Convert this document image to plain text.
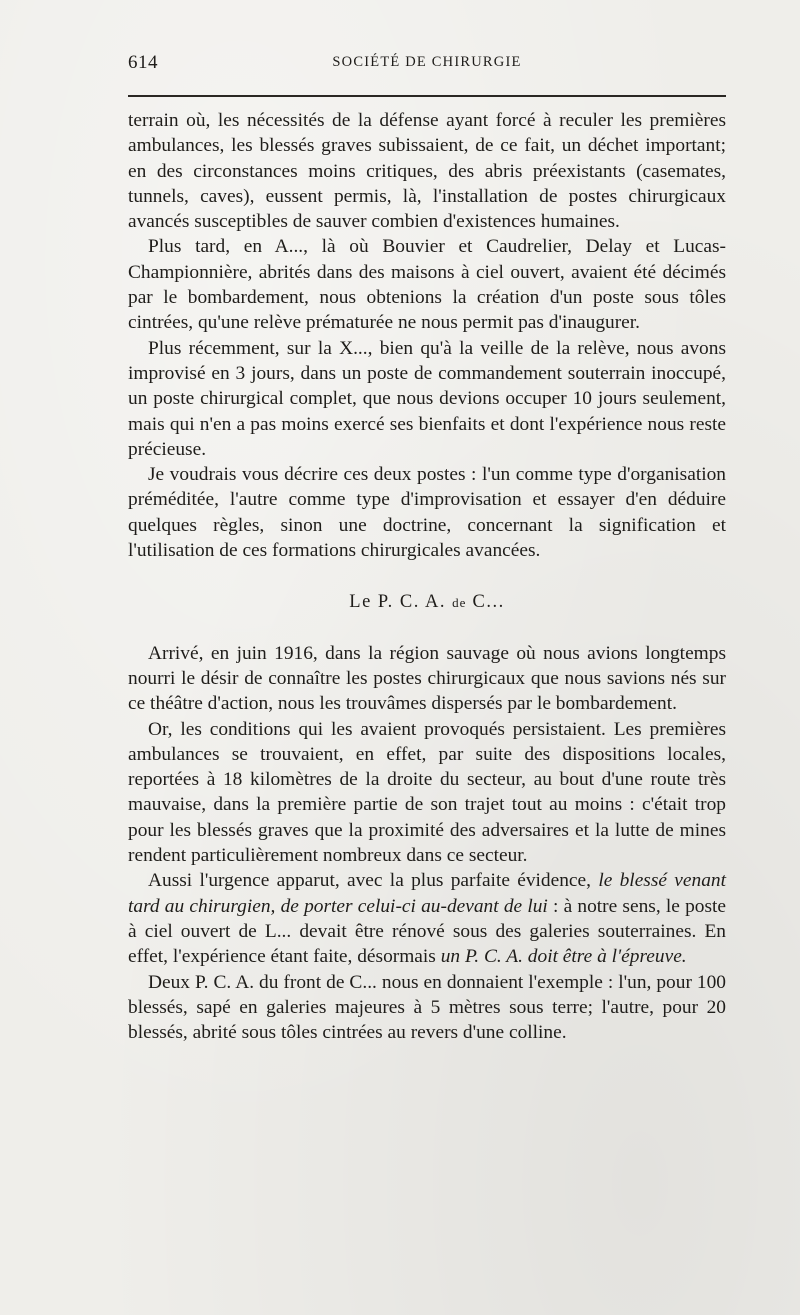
614	SOCIÉTÉ DE CHIRURGIE

terrain où, les nécessités de la défense ayant forcé à reculer les premières ambulances, les blessés graves subissaient, de ce fait, un déchet important; en des circonstances moins critiques, des abris préexistants (casemates, tunnels, caves), eussent permis, là, l'installation de postes chirurgicaux avancés susceptibles de sauver combien d'existences humaines.

Plus tard, en A..., là où Bouvier et Caudrelier, Delay et Lucas-Championnière, abrités dans des maisons à ciel ouvert, avaient été décimés par le bombardement, nous obtenions la création d'un poste sous tôles cintrées, qu'une relève prématurée ne nous permit pas d'inaugurer.

Plus récemment, sur la X..., bien qu'à la veille de la relève, nous avons improvisé en 3 jours, dans un poste de commandement souterrain inoccupé, un poste chirurgical complet, que nous devions occuper 10 jours seulement, mais qui n'en a pas moins exercé ses bienfaits et dont l'expérience nous reste précieuse.

Je voudrais vous décrire ces deux postes : l'un comme type d'organisation préméditée, l'autre comme type d'improvisation et essayer d'en déduire quelques règles, sinon une doctrine, concernant la signification et l'utilisation de ces formations chirurgicales avancées.

Le P. C. A. de C...

Arrivé, en juin 1916, dans la région sauvage où nous avions longtemps nourri le désir de connaître les postes chirurgicaux que nous savions nés sur ce théâtre d'action, nous les trouvâmes dispersés par le bombardement.

Or, les conditions qui les avaient provoqués persistaient. Les premières ambulances se trouvaient, en effet, par suite des dispositions locales, reportées à 18 kilomètres de la droite du secteur, au bout d'une route très mauvaise, dans la première partie de son trajet tout au moins : c'était trop pour les blessés graves que la proximité des adversaires et la lutte de mines rendent particulièrement nombreux dans ce secteur.

Aussi l'urgence apparut, avec la plus parfaite évidence, le blessé venant tard au chirurgien, de porter celui-ci au-devant de lui : à notre sens, le poste à ciel ouvert de L... devait être rénové sous des galeries souterraines. En effet, l'expérience étant faite, désormais un P. C. A. doit être à l'épreuve.

Deux P. C. A. du front de C... nous en donnaient l'exemple : l'un, pour 100 blessés, sapé en galeries majeures à 5 mètres sous terre; l'autre, pour 20 blessés, abrité sous tôles cintrées au revers d'une colline.
